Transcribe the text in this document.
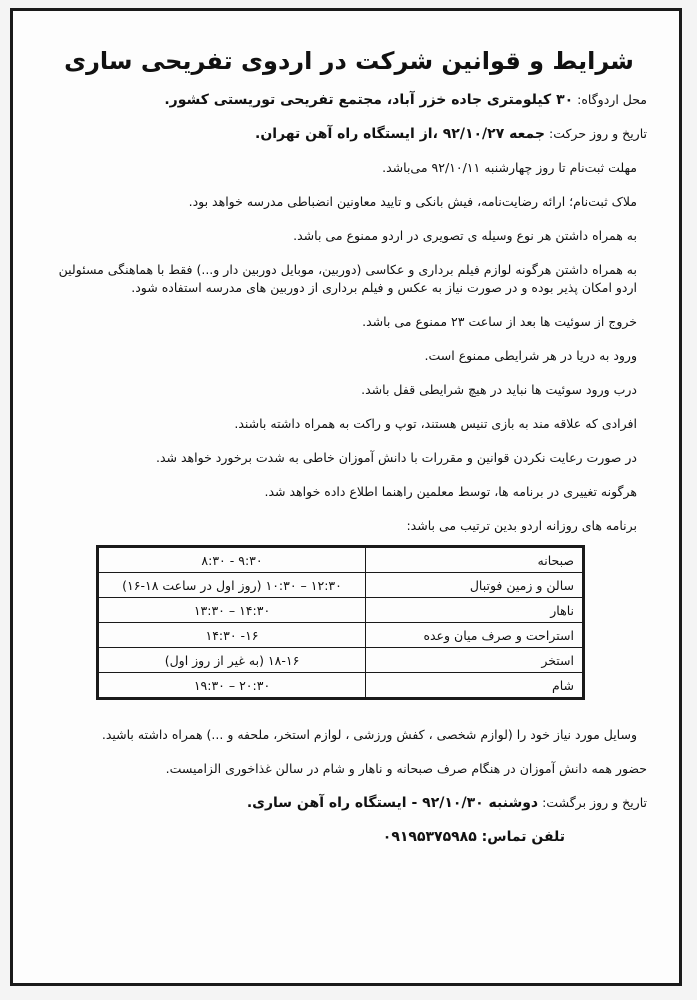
شرایط و قوانین شرکت در اردوی تفریحی ساری
محل اردوگاه: ۳۰ کیلومتری جاده خزر آباد، مجتمع تفریحی توریستی کشور.
تاریخ و روز حرکت: جمعه ۹۲/۱۰/۲۷ ،از ایستگاه راه آهن تهران.
مهلت ثبت‌نام تا روز چهارشنبه ۹۲/۱۰/۱۱ می‌باشد.
ملاک ثبت‌نام؛ ارائه رضایت‌نامه، فیش بانکی و تایید معاونین انضباطی مدرسه خواهد بود.
به همراه داشتن هر نوع وسیله ی تصویری در اردو ممنوع می باشد.
به همراه داشتن هرگونه لوازم فیلم برداری و عکاسی (دوربین، موبایل دوربین دار و...) فقط با هماهنگی مسئولین اردو امکان پذیر بوده و در صورت نیاز به عکس و فیلم برداری از دوربین های مدرسه استفاده شود.
خروج از سوئیت ها بعد از ساعت ۲۳ ممنوع می باشد.
ورود به دریا در هر شرایطی ممنوع است.
درب ورود سوئیت ها نباید در هیچ شرایطی قفل باشد.
افرادی که علاقه مند به بازی تنیس هستند، توپ و راکت به همراه داشته باشند.
در صورت رعایت نکردن قوانین و مقررات با دانش آموزان خاطی به شدت برخورد خواهد شد.
هرگونه تغییری در برنامه ها، توسط معلمین راهنما اطلاع داده خواهد شد.
برنامه های روزانه اردو بدین ترتیب می باشد:
صبحانه	۹:۳۰ - ۸:۳۰
سالن و زمین فوتبال	۱۲:۳۰ – ۱۰:۳۰ (روز اول در ساعت ۱۸-۱۶)
ناهار	۱۴:۳۰ – ۱۳:۳۰
استراحت و صرف میان وعده	۱۶- ۱۴:۳۰
استخر	۱۸-۱۶ (به غیر از روز اول)
شام	۲۰:۳۰ – ۱۹:۳۰
وسایل مورد نیاز خود را (لوازم شخصی ، کفش ورزشی ، لوازم استخر، ملحفه و ...) همراه داشته باشید.
حضور همه دانش آموزان در هنگام صرف صبحانه و ناهار و شام در سالن غذاخوری الزامیست.
تاریخ و روز برگشت: دوشنبه ۹۲/۱۰/۳۰ - ایستگاه راه آهن ساری.
تلفن تماس: ۰۹۱۹۵۳۷۵۹۸۵
